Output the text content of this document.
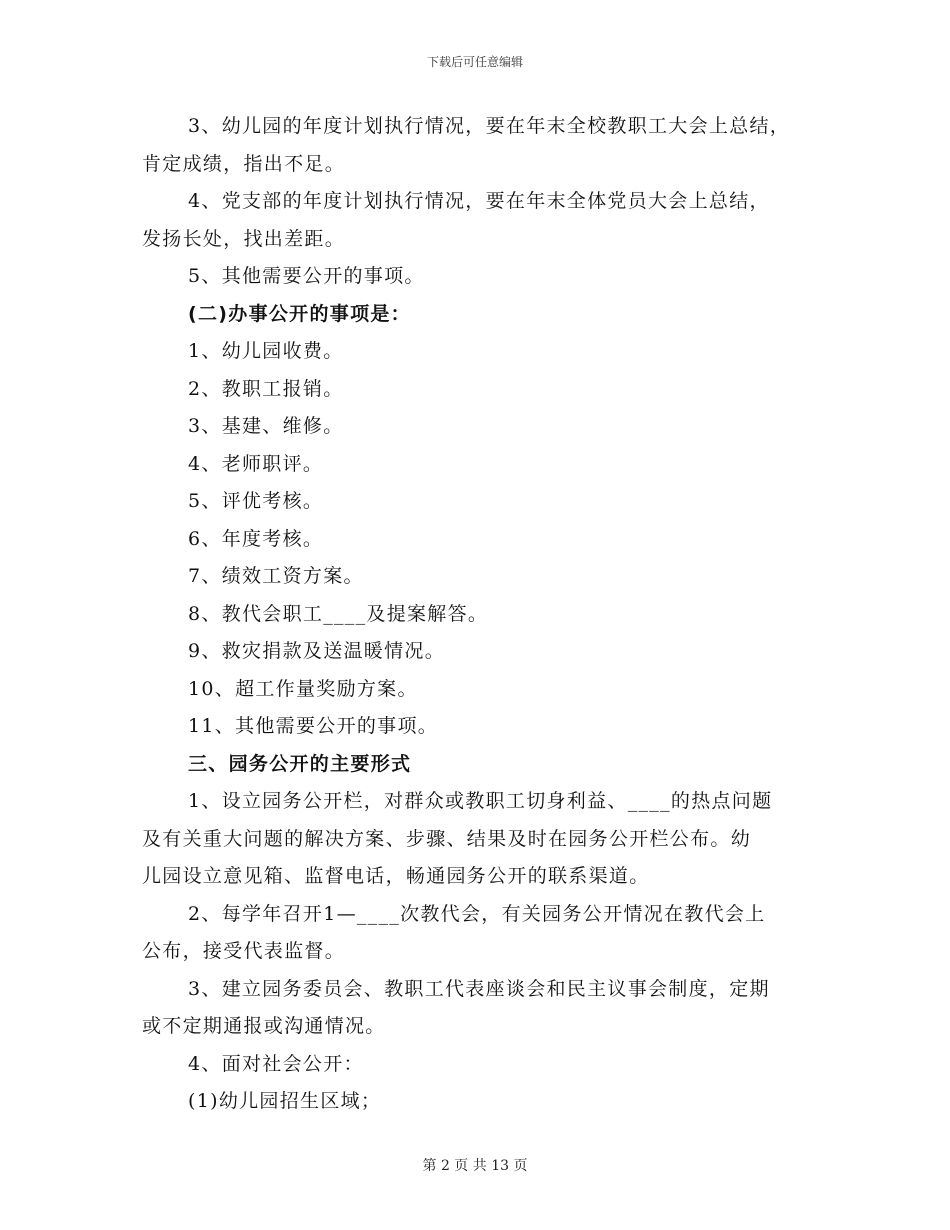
下载后可任意编辑
3、幼儿园的年度计划执行情况，要在年末全校教职工大会上总结，
肯定成绩，指出不足。
4、党支部的年度计划执行情况，要在年末全体党员大会上总结，
发扬长处，找出差距。
5、其他需要公开的事项。
(二)办事公开的事项是：
1、幼儿园收费。
2、教职工报销。
3、基建、维修。
4、老师职评。
5、评优考核。
6、年度考核。
7、绩效工资方案。
8、教代会职工____及提案解答。
9、救灾捐款及送温暖情况。
10、超工作量奖励方案。
11、其他需要公开的事项。
三、园务公开的主要形式
1、设立园务公开栏，对群众或教职工切身利益、____的热点问题
及有关重大问题的解决方案、步骤、结果及时在园务公开栏公布。幼
儿园设立意见箱、监督电话，畅通园务公开的联系渠道。
2、每学年召开1—____次教代会，有关园务公开情况在教代会上
公布，接受代表监督。
3、建立园务委员会、教职工代表座谈会和民主议事会制度，定期
或不定期通报或沟通情况。
4、面对社会公开：
(1)幼儿园招生区域；
第 2 页 共 13 页
